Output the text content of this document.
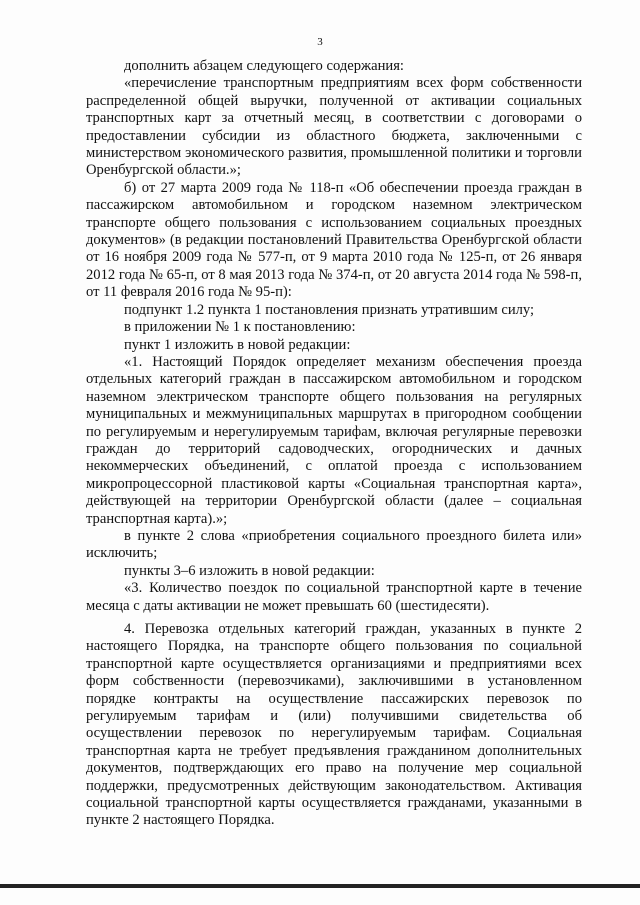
3

дополнить абзацем следующего содержания:

«перечисление транспортным предприятиям всех форм собственности распределенной общей выручки, полученной от активации социальных транспортных карт за отчетный месяц, в соответствии с договорами о предоставлении субсидии из областного бюджета, заключенными с министерством экономического развития, промышленной политики и торговли Оренбургской области.»;

б) от 27 марта 2009 года № 118-п «Об обеспечении проезда граждан в пассажирском автомобильном и городском наземном электрическом транспорте общего пользования с использованием социальных проездных документов» (в редакции постановлений Правительства Оренбургской области от 16 ноября 2009 года № 577-п, от 9 марта 2010 года № 125-п, от 26 января 2012 года № 65-п, от 8 мая 2013 года № 374-п, от 20 августа 2014 года № 598-п, от 11 февраля 2016 года № 95-п):

подпункт 1.2 пункта 1 постановления признать утратившим силу;

в приложении № 1 к постановлению:

пункт 1 изложить в новой редакции:

«1. Настоящий Порядок определяет механизм обеспечения проезда отдельных категорий граждан в пассажирском автомобильном и городском наземном электрическом транспорте общего пользования на регулярных муниципальных и межмуниципальных маршрутах в пригородном сообщении по регулируемым и нерегулируемым тарифам, включая регулярные перевозки граждан до территорий садоводческих, огороднических и дачных некоммерческих объединений, с оплатой проезда с использованием микропроцессорной пластиковой карты «Социальная транспортная карта», действующей на территории Оренбургской области (далее – социальная транспортная карта).»;

в пункте 2 слова «приобретения социального проездного билета или» исключить;

пункты 3–6 изложить в новой редакции:

«3. Количество поездок по социальной транспортной карте в течение месяца с даты активации не может превышать 60 (шестидесяти).

4. Перевозка отдельных категорий граждан, указанных в пункте 2 настоящего Порядка, на транспорте общего пользования по социальной транспортной карте осуществляется организациями и предприятиями всех форм собственности (перевозчиками), заключившими в установленном порядке контракты на осуществление пассажирских перевозок по регулируемым тарифам и (или) получившими свидетельства об осуществлении перевозок по нерегулируемым тарифам. Социальная транспортная карта не требует предъявления гражданином дополнительных документов, подтверждающих его право на получение мер социальной поддержки, предусмотренных действующим законодательством. Активация социальной транспортной карты осуществляется гражданами, указанными в пункте 2 настоящего Порядка.
